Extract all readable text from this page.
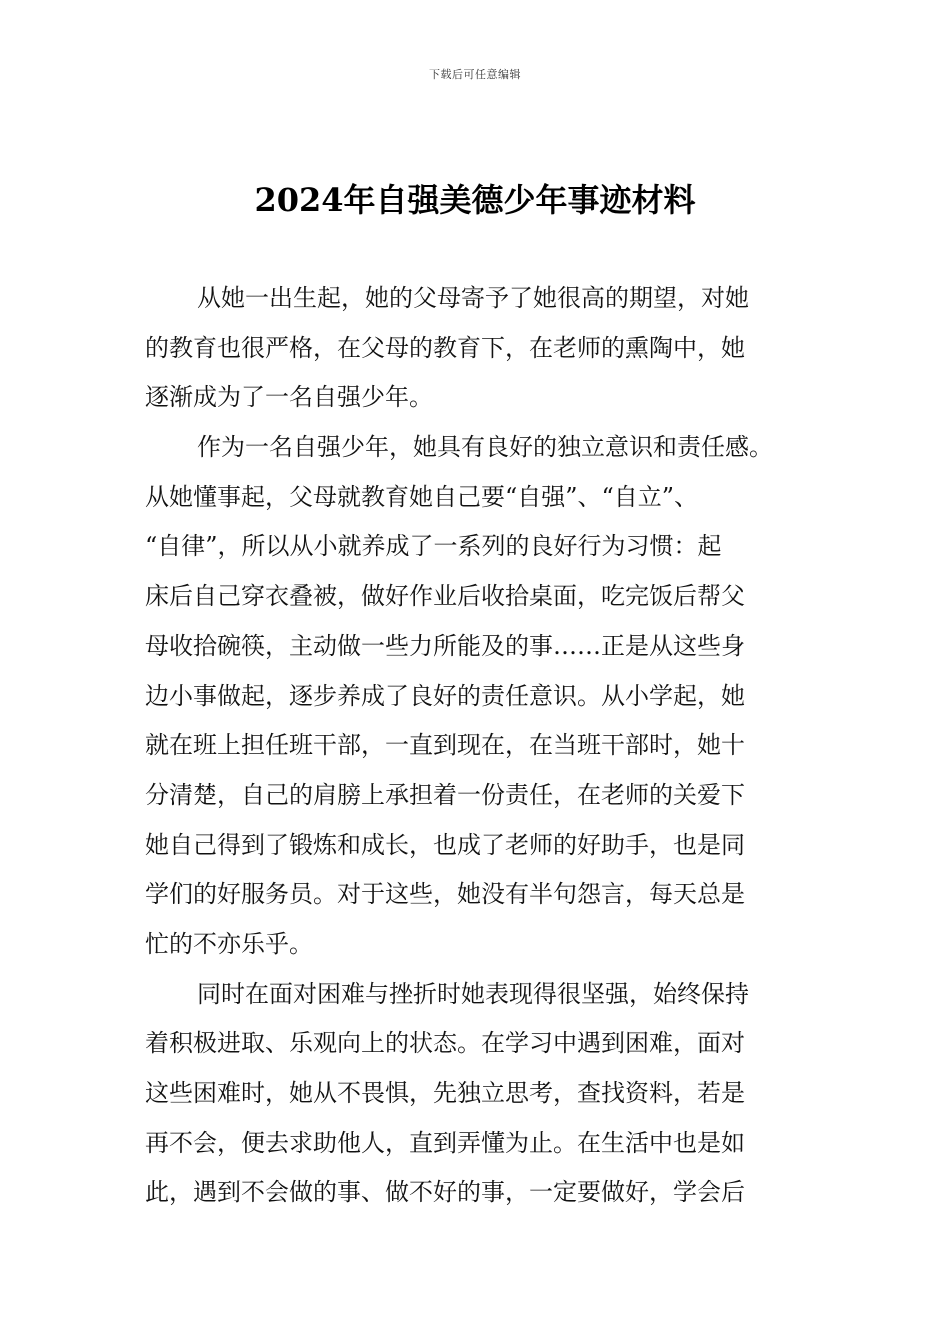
下载后可任意编辑
2024年自强美德少年事迹材料
从她一出生起，她的父母寄予了她很高的期望，对她
的教育也很严格，在父母的教育下，在老师的熏陶中，她
逐渐成为了一名自强少年。
作为一名自强少年，她具有良好的独立意识和责任感。
从她懂事起，父母就教育她自己要“自强”、“自立”、
“自律”，所以从小就养成了一系列的良好行为习惯：起
床后自己穿衣叠被，做好作业后收拾桌面，吃完饭后帮父
母收拾碗筷，主动做一些力所能及的事……正是从这些身
边小事做起，逐步养成了良好的责任意识。从小学起，她
就在班上担任班干部，一直到现在，在当班干部时，她十
分清楚，自己的肩膀上承担着一份责任，在老师的关爱下
她自己得到了锻炼和成长，也成了老师的好助手，也是同
学们的好服务员。对于这些，她没有半句怨言，每天总是
忙的不亦乐乎。
同时在面对困难与挫折时她表现得很坚强，始终保持
着积极进取、乐观向上的状态。在学习中遇到困难，面对
这些困难时，她从不畏惧，先独立思考，查找资料，若是
再不会，便去求助他人，直到弄懂为止。在生活中也是如
此，遇到不会做的事、做不好的事，一定要做好，学会后
